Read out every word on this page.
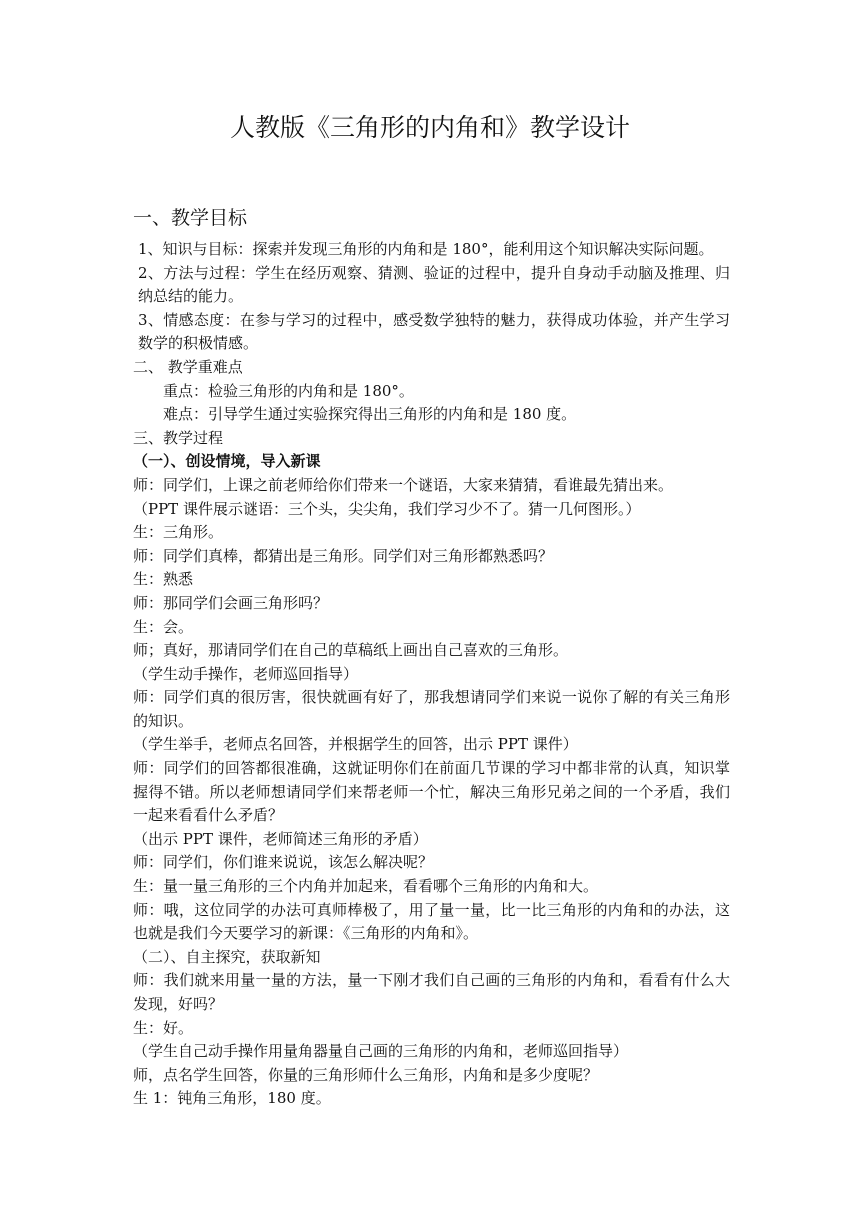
人教版《三角形的内角和》教学设计
一、教学目标

1、知识与目标：探索并发现三角形的内角和是 180°，能利用这个知识解决实际问题。

2、方法与过程：学生在经历观察、猜测、验证的过程中，提升自身动手动脑及推理、归纳总结的能力。

3、情感态度：在参与学习的过程中，感受数学独特的魅力，获得成功体验，并产生学习数学的积极情感。

二、 教学重难点

重点：检验三角形的内角和是 180°。

难点：引导学生通过实验探究得出三角形的内角和是 180 度。

三、教学过程

（一）、创设情境，导入新课

师：同学们，上课之前老师给你们带来一个谜语，大家来猜猜，看谁最先猜出来。

（PPT 课件展示谜语：三个头，尖尖角，我们学习少不了。猜一几何图形。）

生：三角形。

师：同学们真棒，都猜出是三角形。同学们对三角形都熟悉吗？

生：熟悉

师：那同学们会画三角形吗？

生：会。

师；真好，那请同学们在自己的草稿纸上画出自己喜欢的三角形。

（学生动手操作，老师巡回指导）

师：同学们真的很厉害，很快就画有好了，那我想请同学们来说一说你了解的有关三角形的知识。

（学生举手，老师点名回答，并根据学生的回答，出示 PPT 课件）

师：同学们的回答都很准确，这就证明你们在前面几节课的学习中都非常的认真，知识掌握得不错。所以老师想请同学们来帮老师一个忙，解决三角形兄弟之间的一个矛盾，我们一起来看看什么矛盾？

（出示 PPT 课件，老师简述三角形的矛盾）

师：同学们，你们谁来说说，该怎么解决呢？

生：量一量三角形的三个内角并加起来，看看哪个三角形的内角和大。

师：哦，这位同学的办法可真师棒极了，用了量一量，比一比三角形的内角和的办法，这也就是我们今天要学习的新课：《三角形的内角和》。

（二）、自主探究，获取新知

师：我们就来用量一量的方法，量一下刚才我们自己画的三角形的内角和，看看有什么大发现，好吗？

生：好。

（学生自己动手操作用量角器量自己画的三角形的内角和，老师巡回指导）

师，点名学生回答，你量的三角形师什么三角形，内角和是多少度呢？

生 1：钝角三角形，180 度。
